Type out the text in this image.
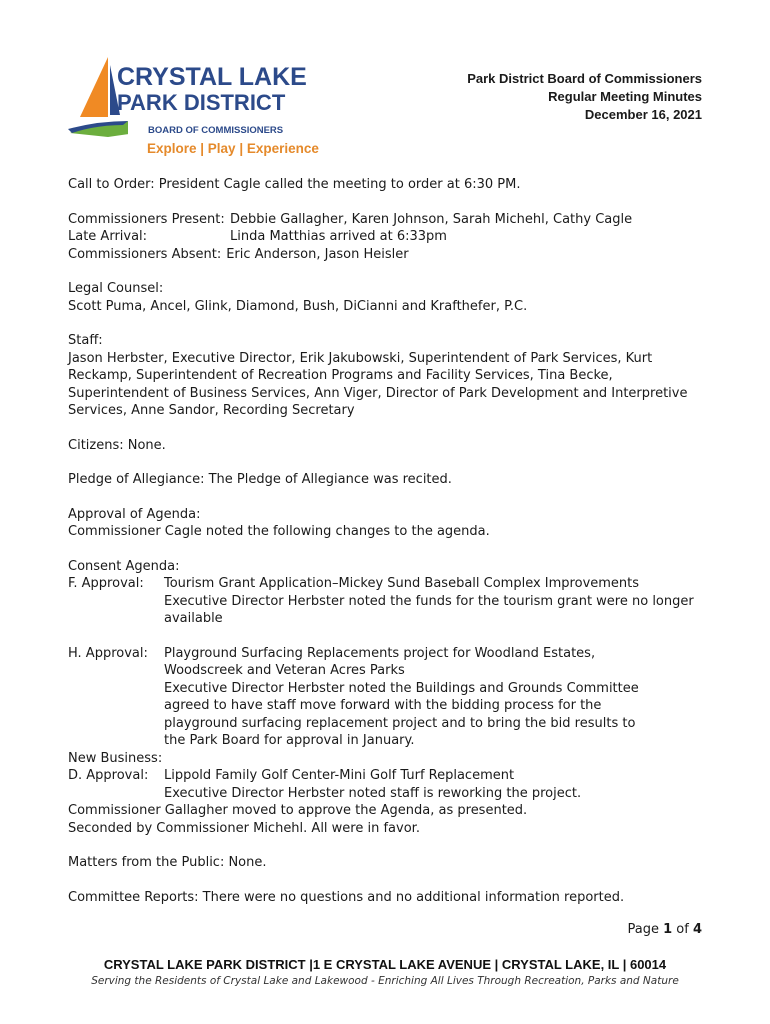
CRYSTAL LAKE
PARK DISTRICT
BOARD OF COMMISSIONERS
Explore | Play | Experience
Park District Board of Commissioners
Regular Meeting Minutes
December 16, 2021
Call to Order: President Cagle called the meeting to order at 6:30 PM.
Commissioners Present: Debbie Gallagher, Karen Johnson, Sarah Michehl, Cathy Cagle
Late Arrival:	Linda Matthias arrived at 6:33pm
Commissioners Absent: Eric Anderson, Jason Heisler
Legal Counsel:
Scott Puma, Ancel, Glink, Diamond, Bush, DiCianni and Krafthefer, P.C.
Staff:
Jason Herbster, Executive Director, Erik Jakubowski, Superintendent of Park Services, Kurt
Reckamp, Superintendent of Recreation Programs and Facility Services, Tina Becke,
Superintendent of Business Services, Ann Viger, Director of Park Development and Interpretive
Services, Anne Sandor, Recording Secretary
Citizens: None.
Pledge of Allegiance: The Pledge of Allegiance was recited.
Approval of Agenda:
Commissioner Cagle noted the following changes to the agenda.
Consent Agenda:
F. Approval:	Tourism Grant Application–Mickey Sund Baseball Complex Improvements
Executive Director Herbster noted the funds for the tourism grant were no longer
available
H. Approval:	Playground Surfacing Replacements project for Woodland Estates,
Woodscreek and Veteran Acres Parks
Executive Director Herbster noted the Buildings and Grounds Committee
agreed to have staff move forward with the bidding process for the
playground surfacing replacement project and to bring the bid results to
the Park Board for approval in January.
New Business:
D. Approval:	Lippold Family Golf Center-Mini Golf Turf Replacement
Executive Director Herbster noted staff is reworking the project.
Commissioner Gallagher moved to approve the Agenda, as presented.
Seconded by Commissioner Michehl. All were in favor.
Matters from the Public: None.
Committee Reports: There were no questions and no additional information reported.
Page 1 of 4
CRYSTAL LAKE PARK DISTRICT |1 E CRYSTAL LAKE AVENUE | CRYSTAL LAKE, IL | 60014
Serving the Residents of Crystal Lake and Lakewood - Enriching All Lives Through Recreation, Parks and Nature
